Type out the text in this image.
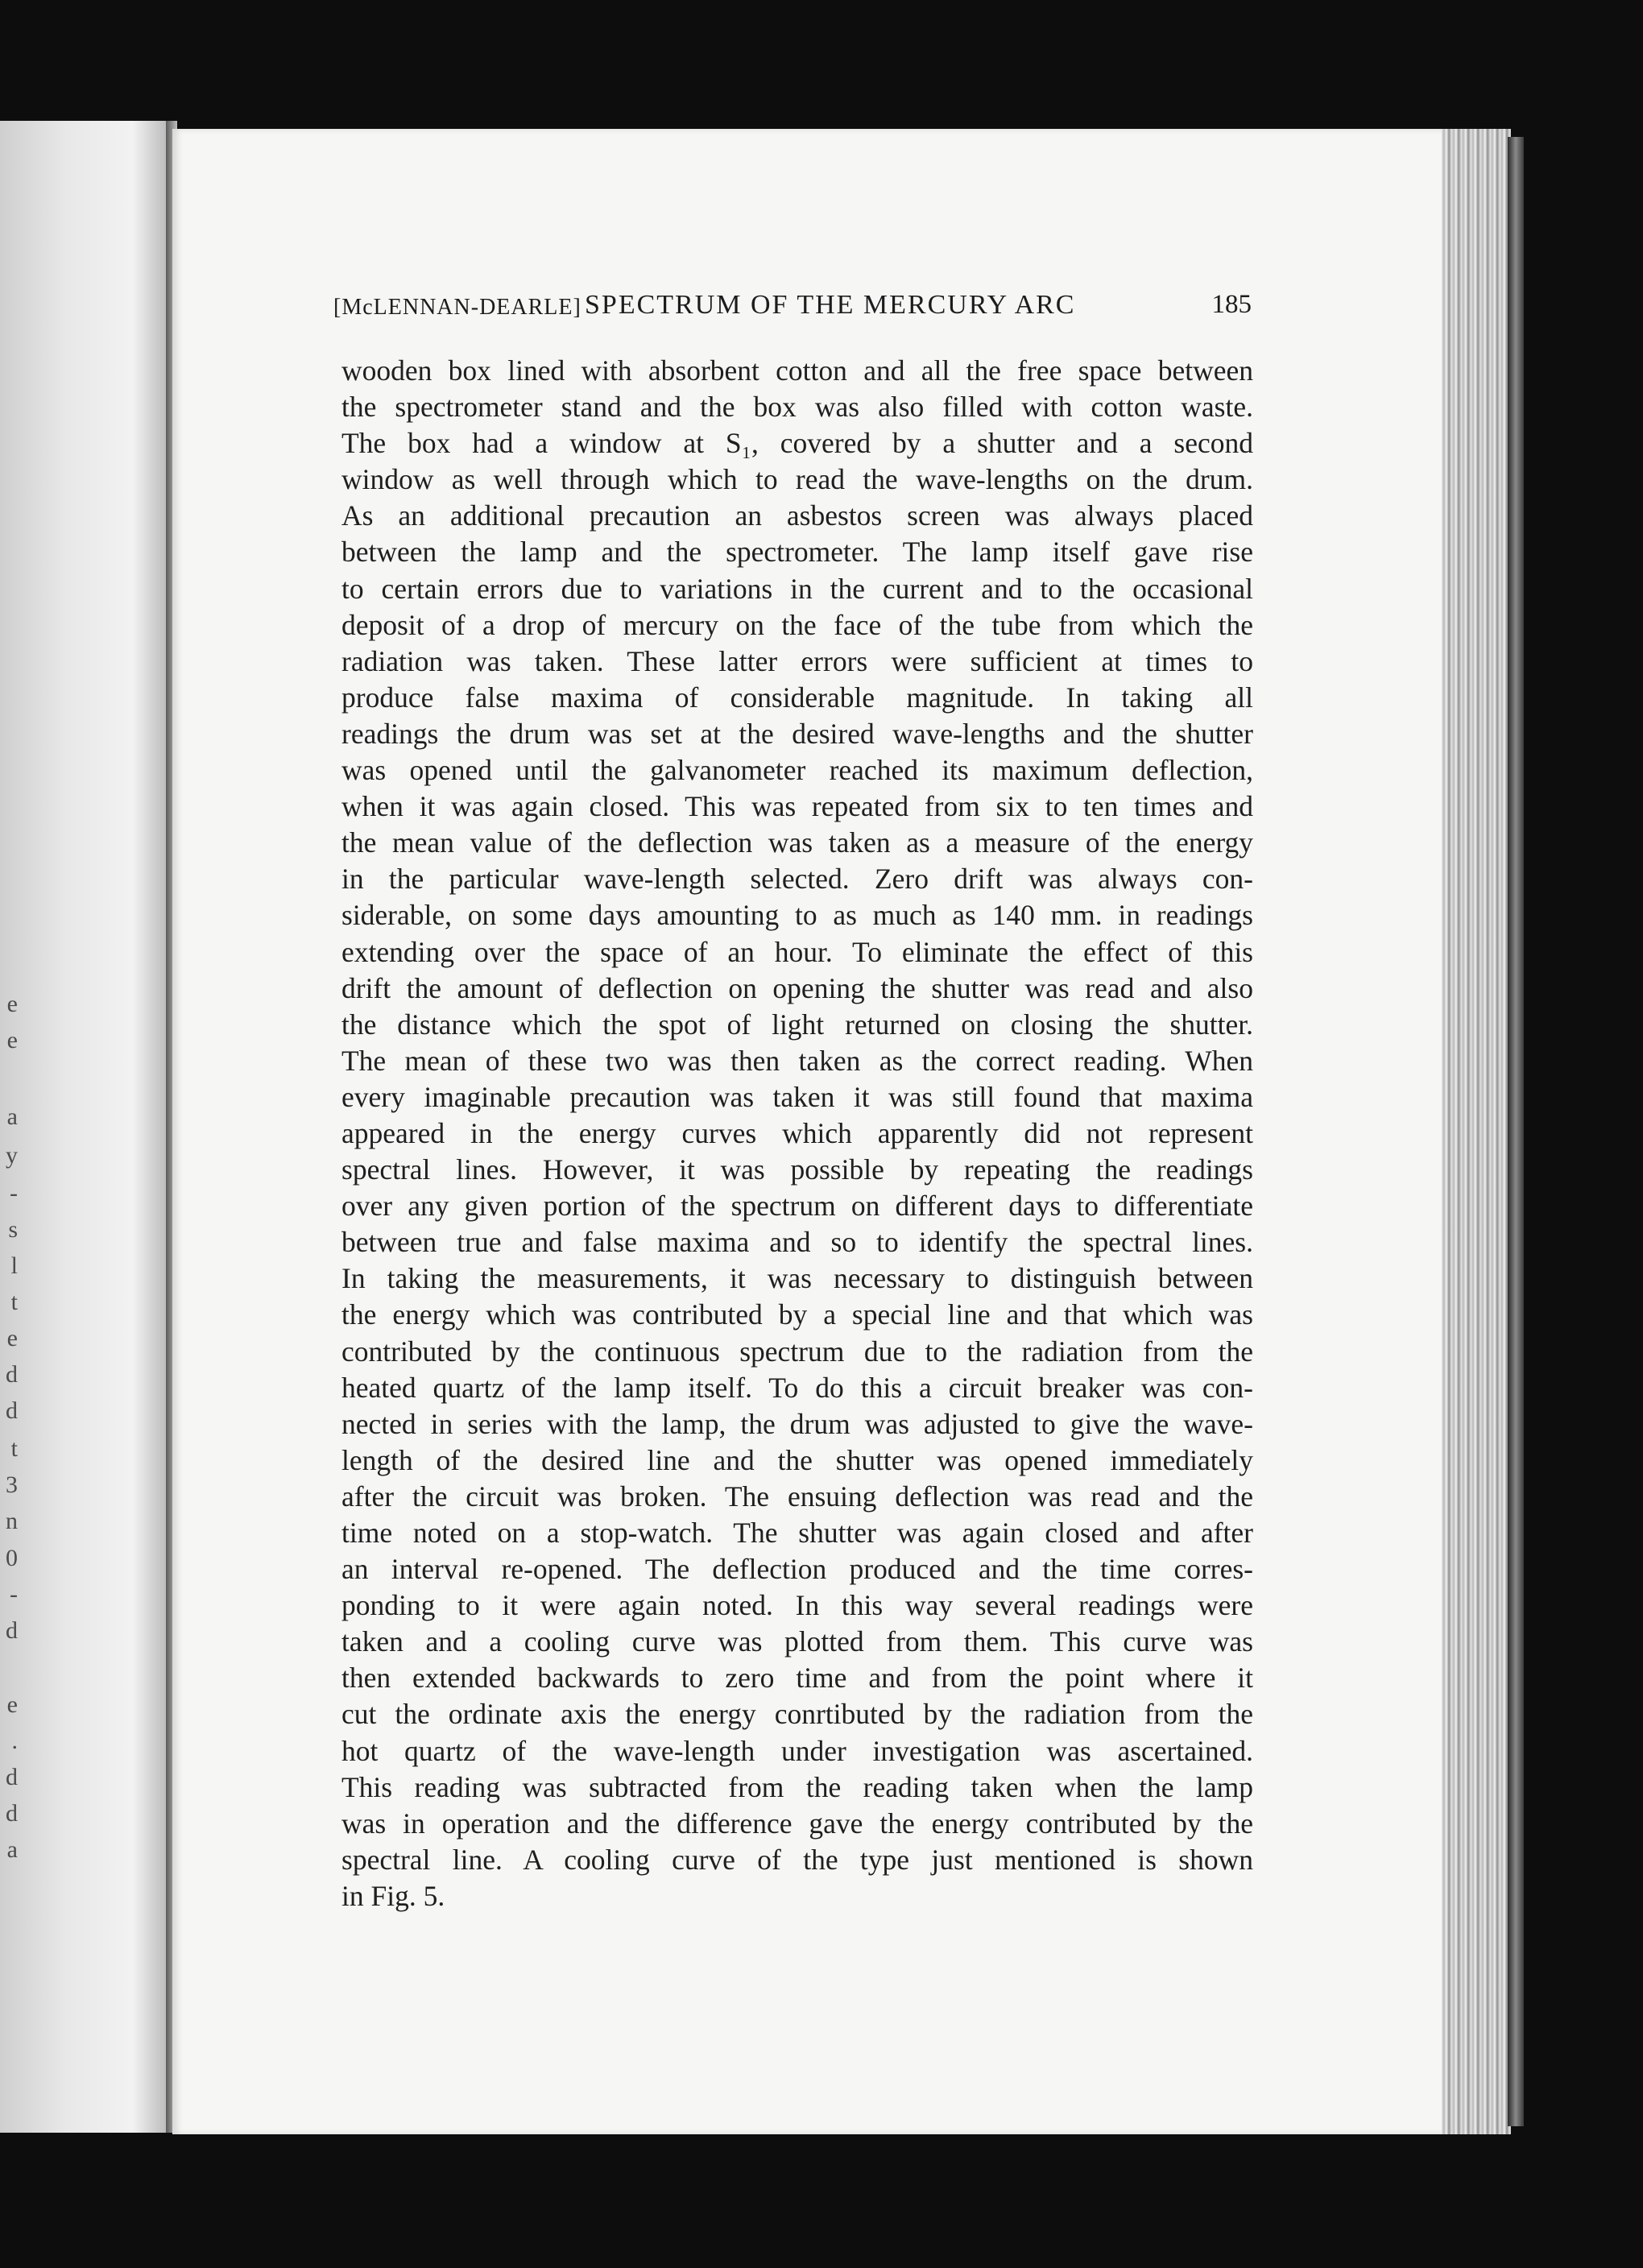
e
e
a
y
-
s
l
t
e
d
d
t
3
n
0
-
d
e
.
d
d
a
[McLENNAN-DEARLE] SPECTRUM OF THE MERCURY ARC	185
wooden box lined with absorbent cotton and all the free space between
the spectrometer stand and the box was also filled with cotton waste.
The box had a window at S₁, covered by a shutter and a second
window as well through which to read the wave-lengths on the drum.
As an additional precaution an asbestos screen was always placed
between the lamp and the spectrometer. The lamp itself gave rise
to certain errors due to variations in the current and to the occasional
deposit of a drop of mercury on the face of the tube from which the
radiation was taken. These latter errors were sufficient at times to
produce false maxima of considerable magnitude. In taking all
readings the drum was set at the desired wave-lengths and the shutter
was opened until the galvanometer reached its maximum deflection,
when it was again closed. This was repeated from six to ten times and
the mean value of the deflection was taken as a measure of the energy
in the particular wave-length selected. Zero drift was always con-
siderable, on some days amounting to as much as 140 mm. in readings
extending over the space of an hour. To eliminate the effect of this
drift the amount of deflection on opening the shutter was read and also
the distance which the spot of light returned on closing the shutter.
The mean of these two was then taken as the correct reading. When
every imaginable precaution was taken it was still found that maxima
appeared in the energy curves which apparently did not represent
spectral lines. However, it was possible by repeating the readings
over any given portion of the spectrum on different days to differentiate
between true and false maxima and so to identify the spectral lines.
In taking the measurements, it was necessary to distinguish between
the energy which was contributed by a special line and that which was
contributed by the continuous spectrum due to the radiation from the
heated quartz of the lamp itself. To do this a circuit breaker was con-
nected in series with the lamp, the drum was adjusted to give the wave-
length of the desired line and the shutter was opened immediately
after the circuit was broken. The ensuing deflection was read and the
time noted on a stop-watch. The shutter was again closed and after
an interval re-opened. The deflection produced and the time corres-
ponding to it were again noted. In this way several readings were
taken and a cooling curve was plotted from them. This curve was
then extended backwards to zero time and from the point where it
cut the ordinate axis the energy conrtibuted by the radiation from the
hot quartz of the wave-length under investigation was ascertained.
This reading was subtracted from the reading taken when the lamp
was in operation and the difference gave the energy contributed by the
spectral line. A cooling curve of the type just mentioned is shown
in Fig. 5.
